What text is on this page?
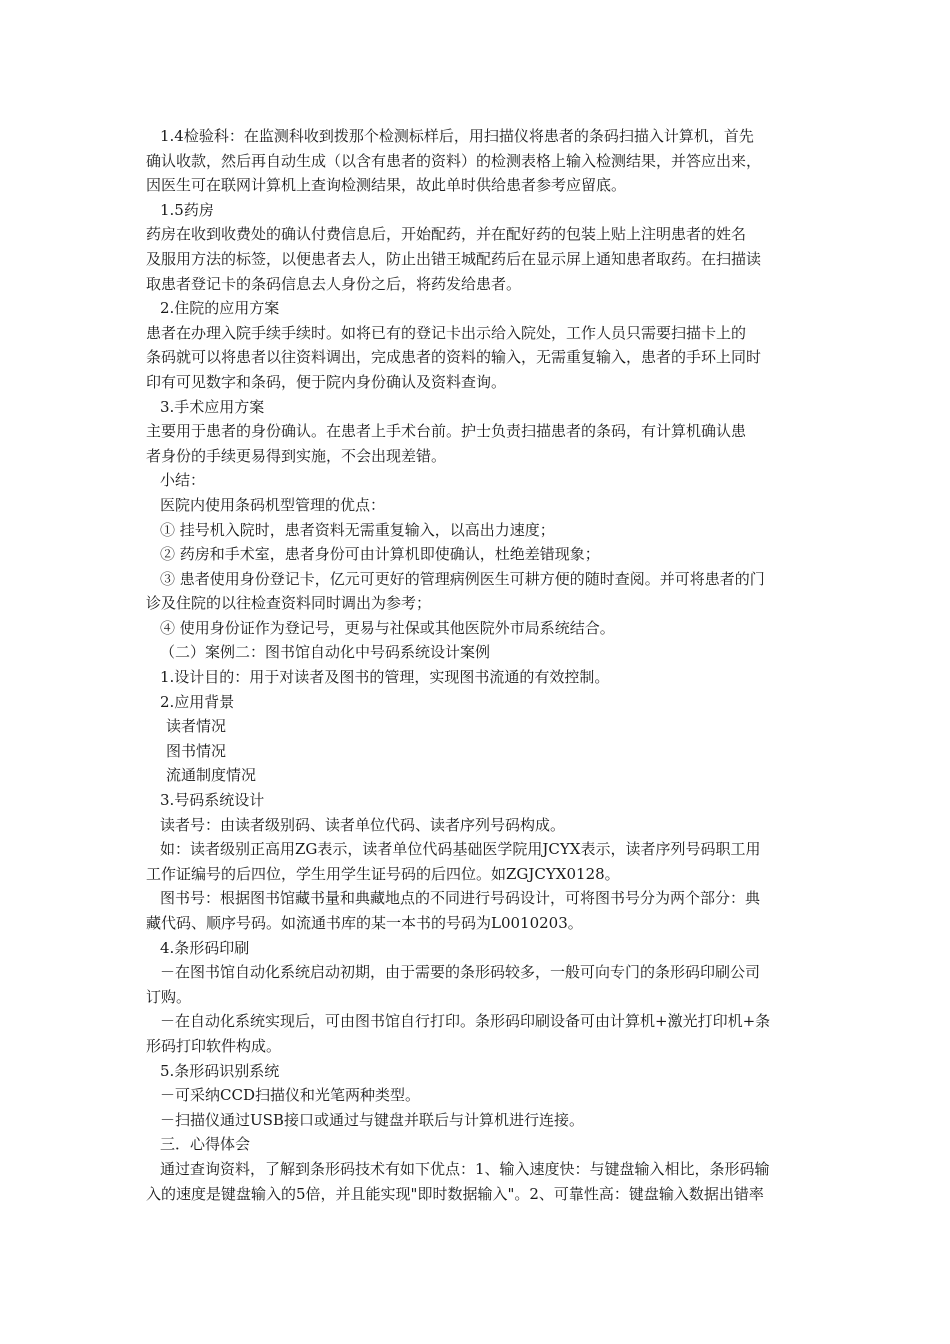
1.4检验科：在监测科收到拨那个检测标样后，用扫描仪将患者的条码扫描入计算机，首先
确认收款，然后再自动生成（以含有患者的资料）的检测表格上输入检测结果，并答应出来，
因医生可在联网计算机上查询检测结果，故此单时供给患者参考应留底。
1.5药房
药房在收到收费处的确认付费信息后，开始配药，并在配好药的包装上贴上注明患者的姓名
及服用方法的标签，以便患者去人，防止出错王城配药后在显示屏上通知患者取药。在扫描读
取患者登记卡的条码信息去人身份之后，将药发给患者。
2.住院的应用方案
患者在办理入院手续手续时。如将已有的登记卡出示给入院处，工作人员只需要扫描卡上的
条码就可以将患者以往资料调出，完成患者的资料的输入，无需重复输入，患者的手环上同时
印有可见数字和条码，便于院内身份确认及资料查询。
3.手术应用方案
主要用于患者的身份确认。在患者上手术台前。护士负责扫描患者的条码，有计算机确认患
者身份的手续更易得到实施，不会出现差错。
小结：
医院内使用条码机型管理的优点：
① 挂号机入院时，患者资料无需重复输入，以高出力速度；
② 药房和手术室，患者身份可由计算机即使确认，杜绝差错现象；
③ 患者使用身份登记卡，亿元可更好的管理病例医生可耕方便的随时查阅。并可将患者的门
诊及住院的以往检查资料同时调出为参考；
④ 使用身份证作为登记号，更易与社保或其他医院外市局系统结合。
（二）案例二：图书馆自动化中号码系统设计案例
1.设计目的：用于对读者及图书的管理，实现图书流通的有效控制。
2.应用背景
读者情况
图书情况
流通制度情况
3.号码系统设计
读者号：由读者级别码、读者单位代码、读者序列号码构成。
如：读者级别正高用ZG表示，读者单位代码基础医学院用JCYX表示，读者序列号码职工用
工作证编号的后四位，学生用学生证号码的后四位。如ZGJCYX0128。
图书号：根据图书馆藏书量和典藏地点的不同进行号码设计，可将图书号分为两个部分：典
藏代码、顺序号码。如流通书库的某一本书的号码为L0010203。
4.条形码印刷
－在图书馆自动化系统启动初期，由于需要的条形码较多，一般可向专门的条形码印刷公司
订购。
－在自动化系统实现后，可由图书馆自行打印。条形码印刷设备可由计算机+激光打印机+条
形码打印软件构成。
5.条形码识别系统
－可采纳CCD扫描仪和光笔两种类型。
－扫描仪通过USB接口或通过与键盘并联后与计算机进行连接。
三．心得体会
通过查询资料，了解到条形码技术有如下优点：1、输入速度快：与键盘输入相比，条形码输
入的速度是键盘输入的5倍，并且能实现"即时数据输入"。2、可靠性高：键盘输入数据出错率
